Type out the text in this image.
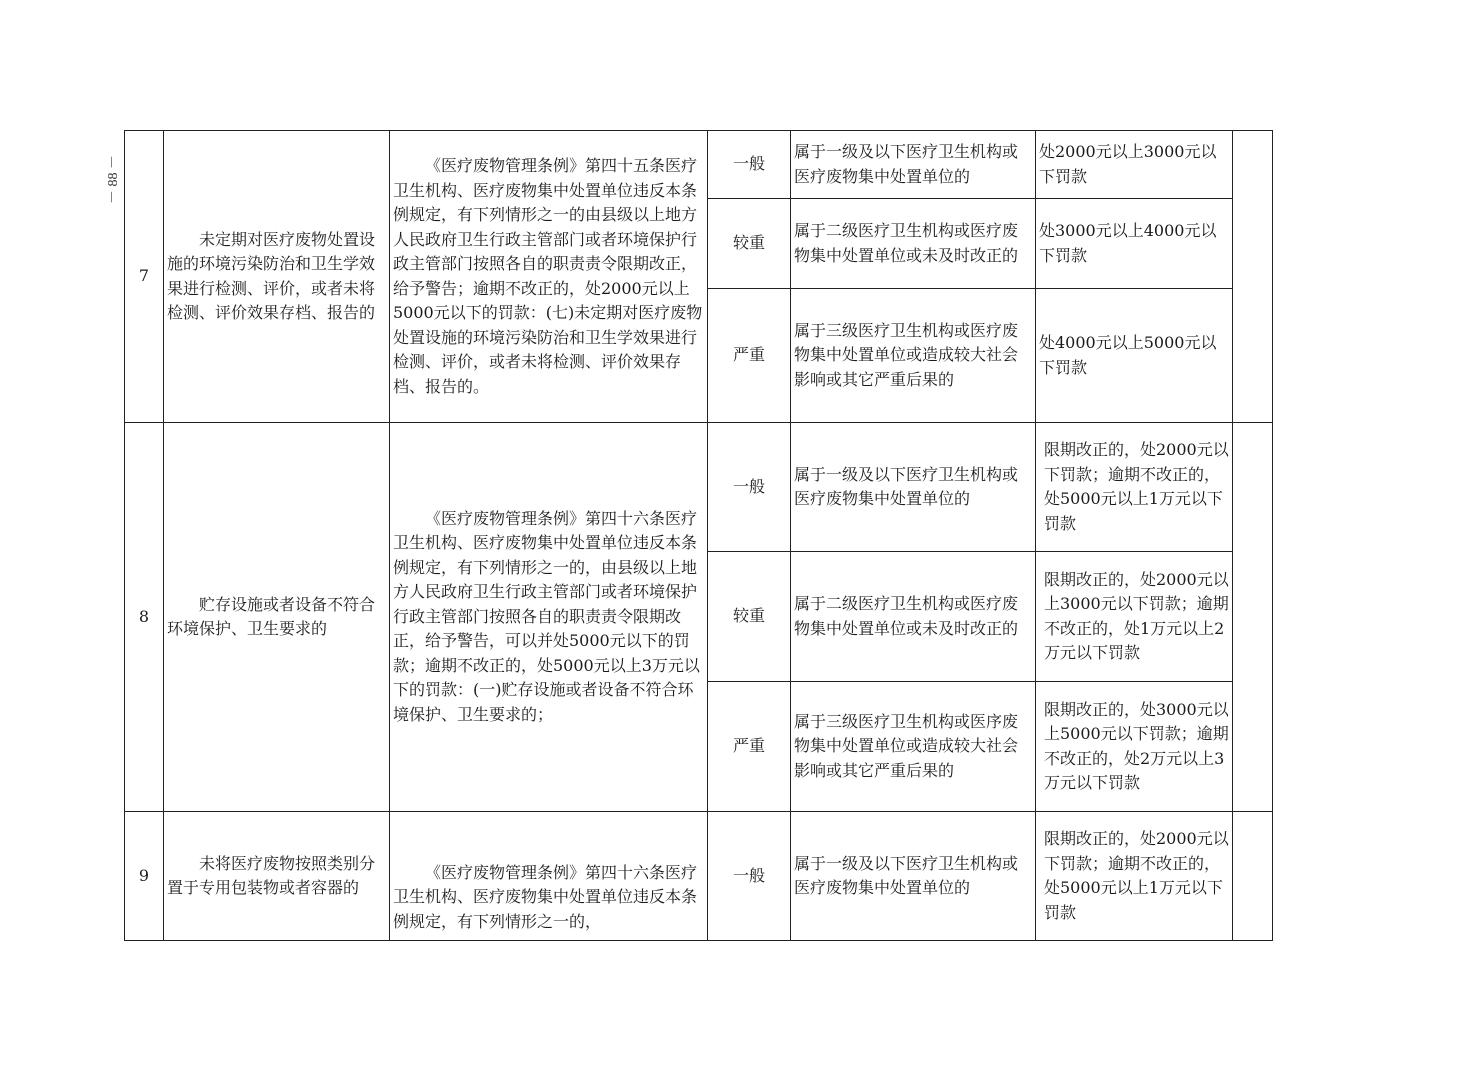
－ 88 －
7	未定期对医疗废物处置设施的环境污染防治和卫生学效果进行检测、评价，或者未将检测、评价效果存档、报告的	《医疗废物管理条例》第四十五条医疗卫生机构、医疗废物集中处置单位违反本条例规定，有下列情形之一的由县级以上地方人民政府卫生行政主管部门或者环境保护行政主管部门按照各自的职责责令限期改正，给予警告；逾期不改正的，处2000元以上5000元以下的罚款：(七)未定期对医疗废物处置设施的环境污染防治和卫生学效果进行检测、评价，或者未将检测、评价效果存档、报告的。	一般	属于一级及以下医疗卫生机构或医疗废物集中处置单位的	处2000元以上3000元以下罚款	
			较重	属于二级医疗卫生机构或医疗废物集中处置单位或未及时改正的	处3000元以上4000元以下罚款	
			严重	属于三级医疗卫生机构或医疗废物集中处置单位或造成较大社会影响或其它严重后果的	处4000元以上5000元以下罚款	
8	贮存设施或者设备不符合环境保护、卫生要求的	《医疗废物管理条例》第四十六条医疗卫生机构、医疗废物集中处置单位违反本条例规定，有下列情形之一的，由县级以上地方人民政府卫生行政主管部门或者环境保护行政主管部门按照各自的职责责令限期改正，给予警告，可以并处5000元以下的罚款；逾期不改正的，处5000元以上3万元以下的罚款：(一)贮存设施或者设备不符合环境保护、卫生要求的；	一般	属于一级及以下医疗卫生机构或医疗废物集中处置单位的	限期改正的，处2000元以下罚款；逾期不改正的，处5000元以上1万元以下罚款	
			较重	属于二级医疗卫生机构或医疗废物集中处置单位或未及时改正的	限期改正的，处2000元以上3000元以下罚款；逾期不改正的，处1万元以上2万元以下罚款	
			严重	属于三级医疗卫生机构或医序废物集中处置单位或造成较大社会影响或其它严重后果的	限期改正的，处3000元以上5000元以下罚款；逾期不改正的，处2万元以上3万元以下罚款	
9	未将医疗废物按照类别分置于专用包装物或者容器的	《医疗废物管理条例》第四十六条医疗卫生机构、医疗废物集中处置单位违反本条例规定，有下列情形之一的，	一般	属于一级及以下医疗卫生机构或医疗废物集中处置单位的	限期改正的，处2000元以下罚款；逾期不改正的，处5000元以上1万元以下罚款	
